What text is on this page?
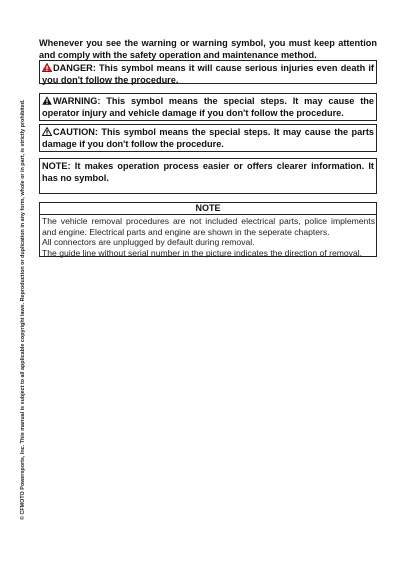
Whenever you see the warning or warning symbol, you must keep attention and comply with the safety operation and maintenance method.

DANGER: This symbol means it will cause serious injuries even death if you don't follow the procedure.
WARNING: This symbol means the special steps. It may cause the operator injury and vehicle damage if you don't follow the procedure.
CAUTION: This symbol means the special steps. It may cause the parts damage if you don't follow the procedure.
NOTE: It makes operation process easier or offers clearer information. It has no symbol.
NOTE

The vehicle removal procedures are not included electrical parts, police implements and engine. Electrical parts and engine are shown in the seperate chapters.

All connectors are unplugged by default during removal.

The guide line without serial number in the picture indicates the direction of removal.

© CFMOTO Powersports, Inc. This manual is subject to all applicable copyright laws. Reproduction or duplication in any form, whole or in part, is strictly prohibited.
